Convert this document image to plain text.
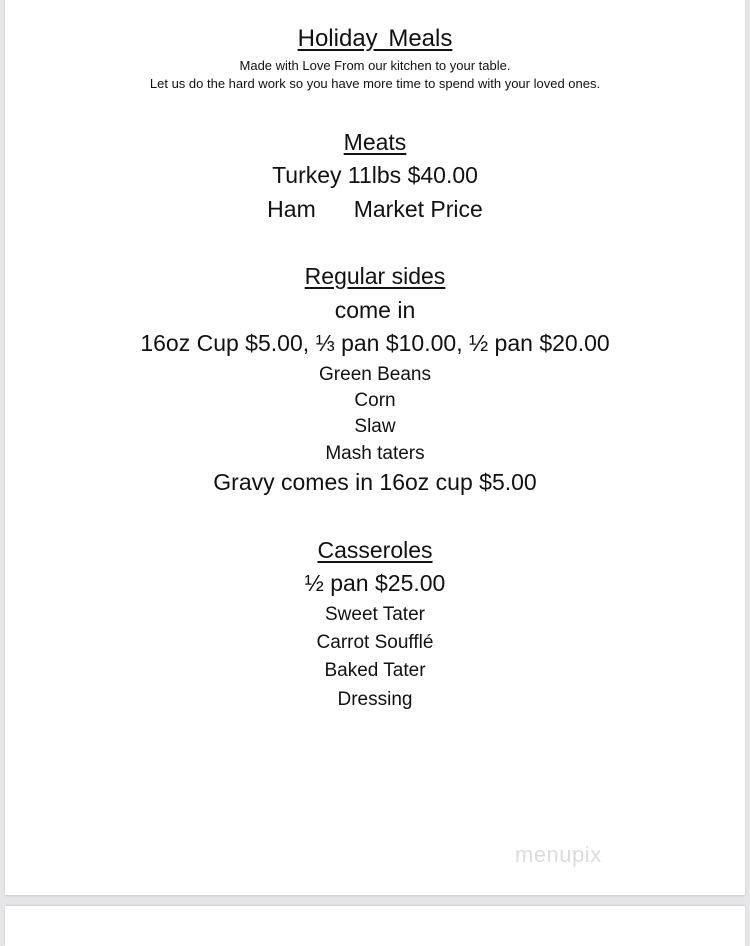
Holiday Meals
Made with Love From our kitchen to your table.
Let us do the hard work so you have more time to spend with your loved ones.
Meats
Turkey 11lbs $40.00
Ham Market Price
Regular sides
come in
16oz Cup $5.00, ⅓ pan $10.00, ½ pan $20.00
Green Beans
Corn
Slaw
Mash taters
Gravy comes in 16oz cup $5.00
Casseroles
½ pan $25.00
Sweet Tater
Carrot Soufflé
Baked Tater
Dressing
menupix
